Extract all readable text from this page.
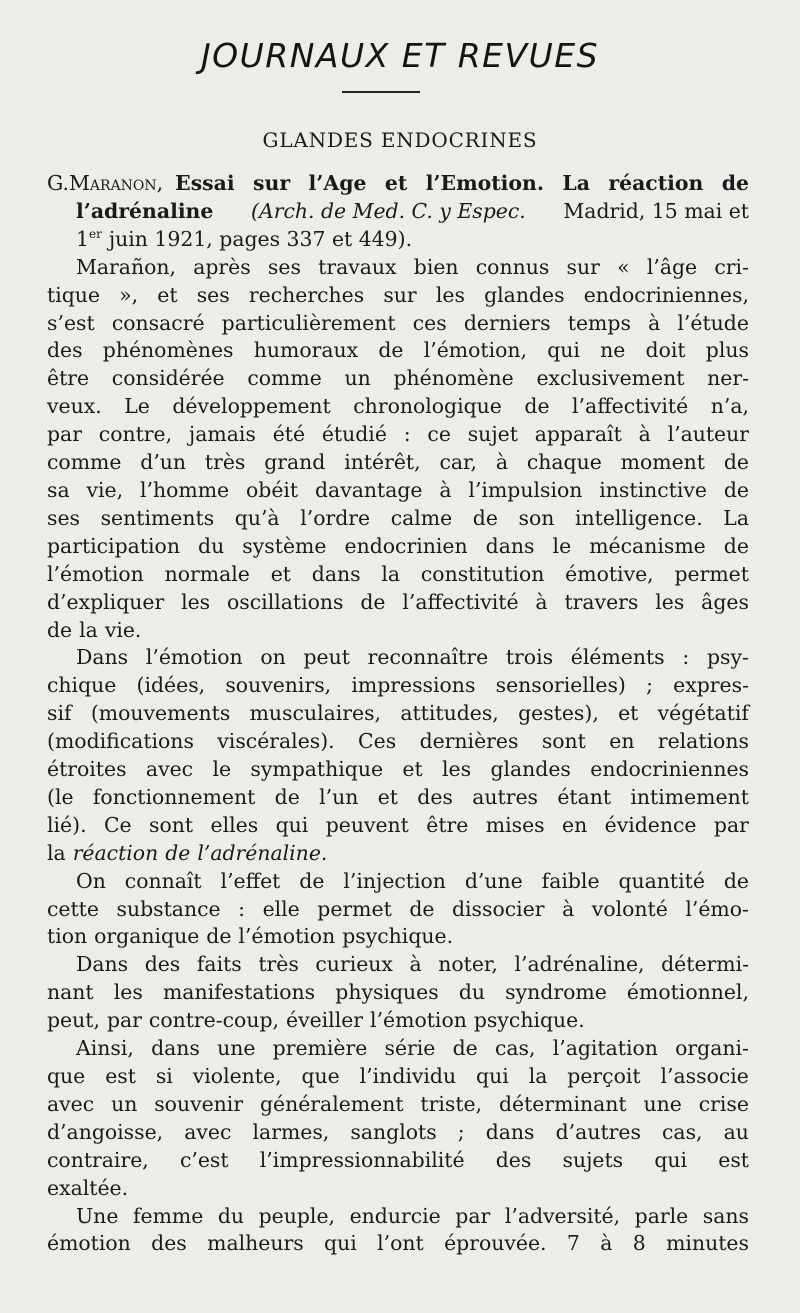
JOURNAUX ET REVUES
GLANDES ENDOCRINES
G. Maranon, Essai sur l’Age et l’Emotion. La réaction de
l’adrénaline (Arch. de Med. C. y Espec. Madrid, 15 mai et
1er juin 1921, pages 337 et 449).
Marañon, après ses travaux bien connus sur « l’âge cri-
tique », et ses recherches sur les glandes endocriniennes,
s’est consacré particulièrement ces derniers temps à l’étude
des phénomènes humoraux de l’émotion, qui ne doit plus
être considérée comme un phénomène exclusivement ner-
veux. Le développement chronologique de l’affectivité n’a,
par contre, jamais été étudié : ce sujet apparaît à l’auteur
comme d’un très grand intérêt, car, à chaque moment de
sa vie, l’homme obéit davantage à l’impulsion instinctive de
ses sentiments qu’à l’ordre calme de son intelligence. La
participation du système endocrinien dans le mécanisme de
l’émotion normale et dans la constitution émotive, permet
d’expliquer les oscillations de l’affectivité à travers les âges
de la vie.
Dans l’émotion on peut reconnaître trois éléments : psy-
chique (idées, souvenirs, impressions sensorielles) ; expres-
sif (mouvements musculaires, attitudes, gestes), et végétatif
(modifications viscérales). Ces dernières sont en relations
étroites avec le sympathique et les glandes endocriniennes
(le fonctionnement de l’un et des autres étant intimement
lié). Ce sont elles qui peuvent être mises en évidence par
la réaction de l’adrénaline.
On connaît l’effet de l’injection d’une faible quantité de
cette substance : elle permet de dissocier à volonté l’émo-
tion organique de l’émotion psychique.
Dans des faits très curieux à noter, l’adrénaline, détermi-
nant les manifestations physiques du syndrome émotionnel,
peut, par contre-coup, éveiller l’émotion psychique.
Ainsi, dans une première série de cas, l’agitation organi-
que est si violente, que l’individu qui la perçoit l’associe
avec un souvenir généralement triste, déterminant une crise
d’angoisse, avec larmes, sanglots ; dans d’autres cas, au
contraire, c’est l’impressionnabilité des sujets qui est
exaltée.
Une femme du peuple, endurcie par l’adversité, parle sans
émotion des malheurs qui l’ont éprouvée. 7 à 8 minutes
